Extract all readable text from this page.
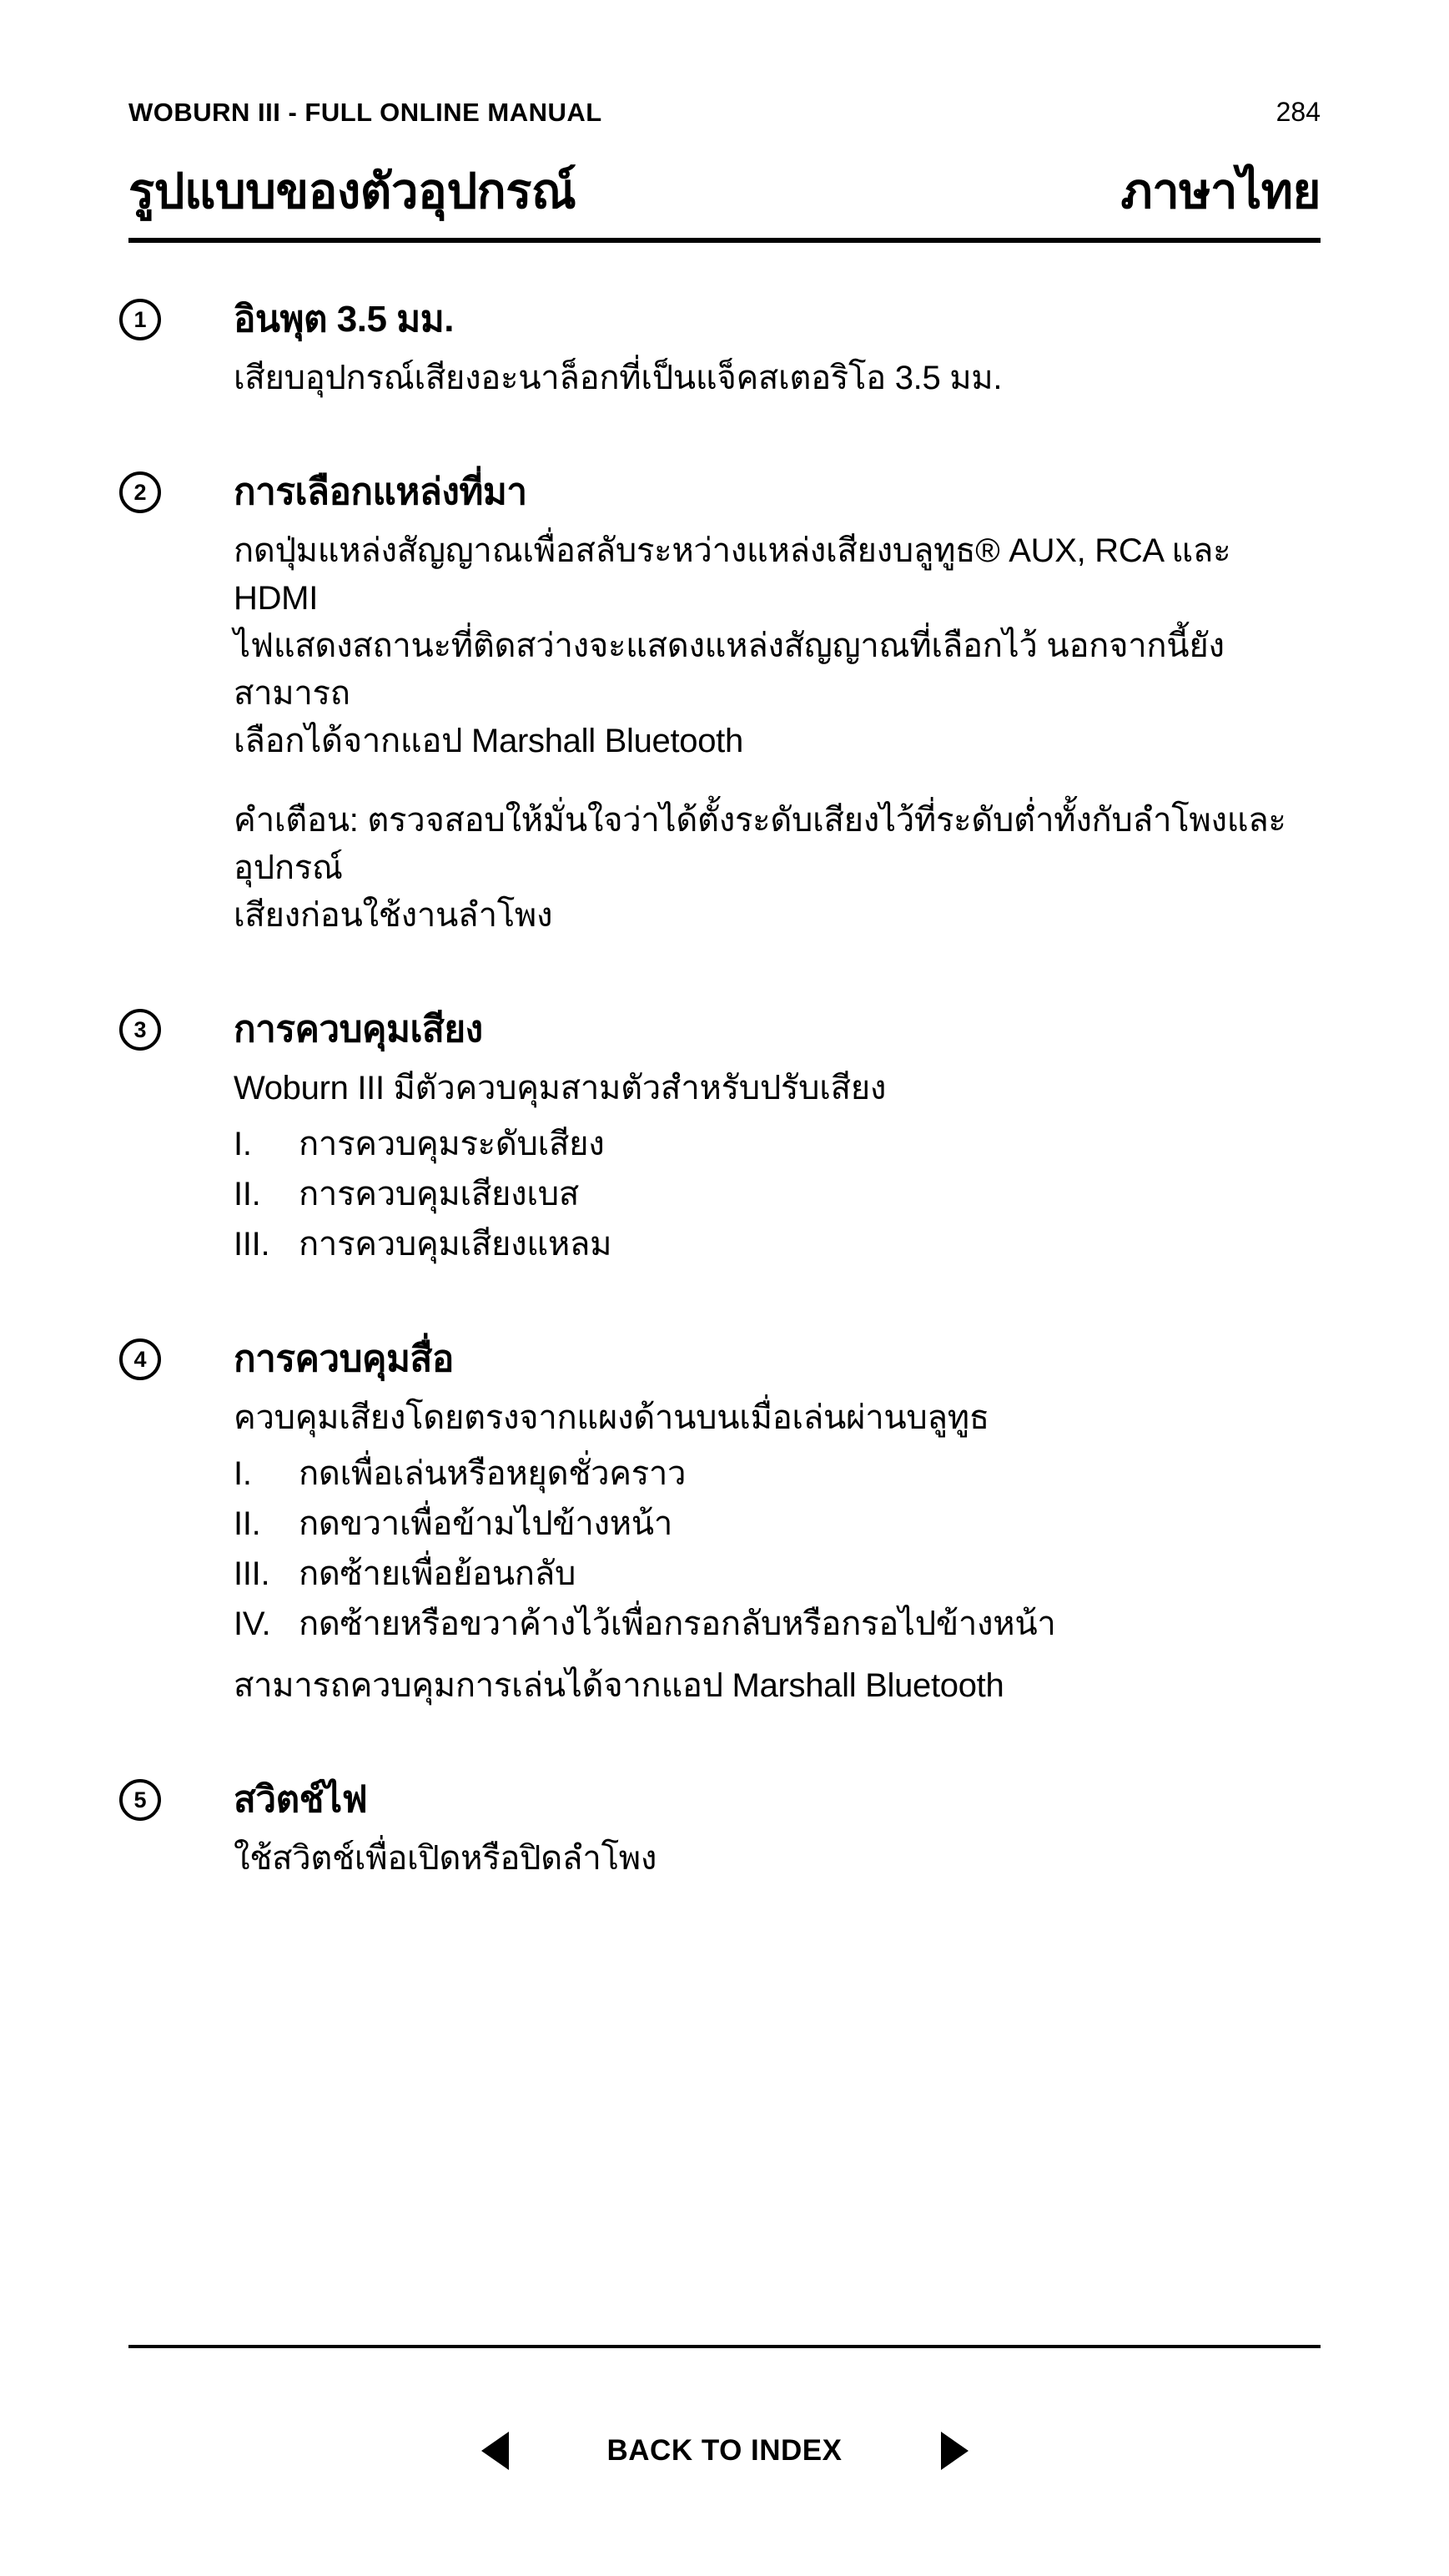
WOBURN III - FULL ONLINE MANUAL	284
รูปแบบของตัวอุปกรณ์	ภาษาไทย
1 อินพุต 3.5 มม.
เสียบอุปกรณ์เสียงอะนาล็อกที่เป็นแจ็คสเตอริโอ 3.5 มม.
2 การเลือกแหล่งที่มา
กดปุ่มแหล่งสัญญาณเพื่อสลับระหว่างแหล่งเสียงบลูทูธ® AUX, RCA และ HDMI
ไฟแสดงสถานะที่ติดสว่างจะแสดงแหล่งสัญญาณที่เลือกไว้ นอกจากนี้ยังสามารถ
เลือกได้จากแอป Marshall Bluetooth
คำเตือน: ตรวจสอบให้มั่นใจว่าได้ตั้งระดับเสียงไว้ที่ระดับต่ำทั้งกับลำโพงและอุปกรณ์
เสียงก่อนใช้งานลำโพง
3 การควบคุมเสียง
Woburn III มีตัวควบคุมสามตัวสำหรับปรับเสียง
I.	การควบคุมระดับเสียง
II.	การควบคุมเสียงเบส
III. การควบคุมเสียงแหลม
4 การควบคุมสื่อ
ควบคุมเสียงโดยตรงจากแผงด้านบนเมื่อเล่นผ่านบลูทูธ
I.	กดเพื่อเล่นหรือหยุดชั่วคราว
II.	กดขวาเพื่อข้ามไปข้างหน้า
III. กดซ้ายเพื่อย้อนกลับ
IV. กดซ้ายหรือขวาค้างไว้เพื่อกรอกลับหรือกรอไปข้างหน้า
สามารถควบคุมการเล่นได้จากแอป Marshall Bluetooth
5 สวิตช์ไฟ
ใช้สวิตช์เพื่อเปิดหรือปิดลำโพง
BACK TO INDEX
